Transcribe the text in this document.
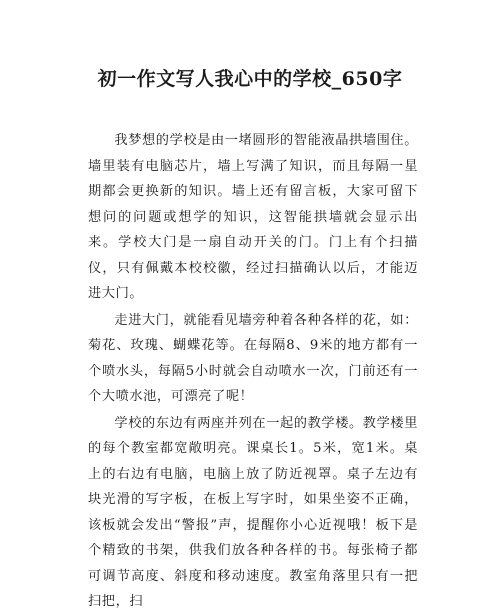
初一作文写人我心中的学校_650字

我梦想的学校是由一堵圆形的智能液晶拱墙围住。墙里装有电脑芯片，墙上写满了知识，而且每隔一星期都会更换新的知识。墙上还有留言板，大家可留下想问的问题或想学的知识，这智能拱墙就会显示出来。学校大门是一扇自动开关的门。门上有个扫描仪，只有佩戴本校校徽，经过扫描确认以后，才能迈进大门。

走进大门，就能看见墙旁种着各种各样的花，如：菊花、玫瑰、蝴蝶花等。在每隔8、9米的地方都有一个喷水头，每隔5小时就会自动喷水一次，门前还有一个大喷水池，可漂亮了呢！

学校的东边有两座并列在一起的教学楼。教学楼里的每个教室都宽敞明亮。课桌长1。5米，宽1米。桌上的右边有电脑，电脑上放了防近视罩。桌子左边有块光滑的写字板，在板上写字时，如果坐姿不正确，该板就会发出“警报”声，提醒你小心近视哦！板下是个精致的书架，供我们放各种各样的书。每张椅子都可调节高度、斜度和移动速度。教室角落里只有一把扫把，扫
